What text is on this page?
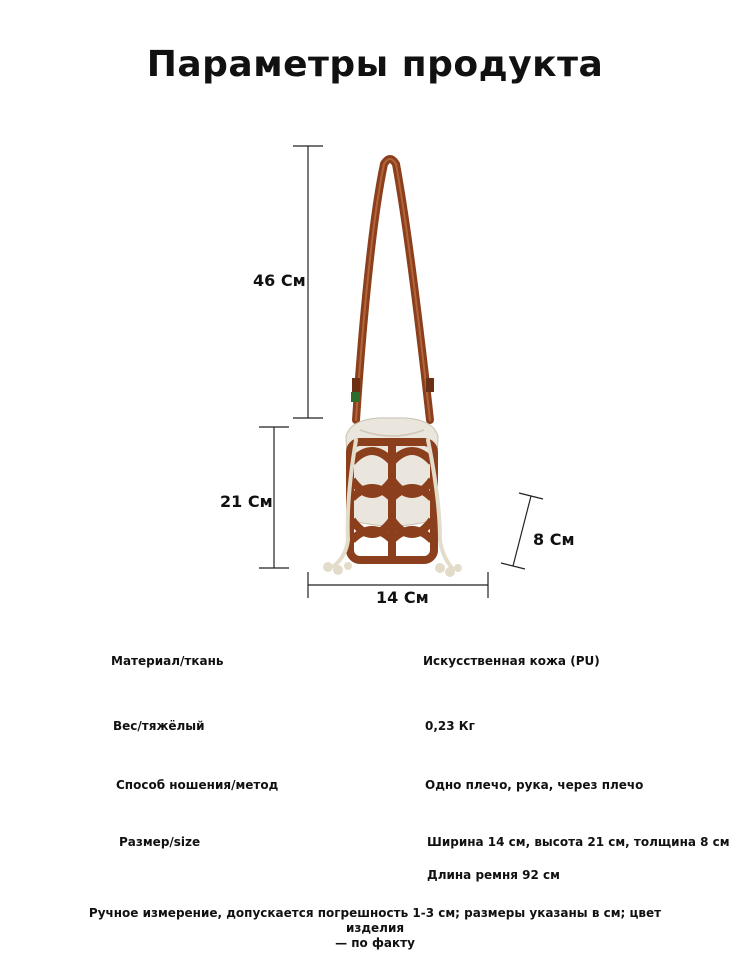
Параметры продукта
46 См
21 См
8 См
14 См
Материал/ткань	Искусственная кожа (PU)
Вес/тяжёлый	0,23 Кг
Способ ношения/метод	Одно плечо, рука, через плечо
Размер/size	Ширина 14 см, высота 21 см, толщина 8 см
Длина ремня 92 см
Ручное измерение, допускается погрешность 1-3 см; размеры указаны в см; цвет изделия
— по факту
